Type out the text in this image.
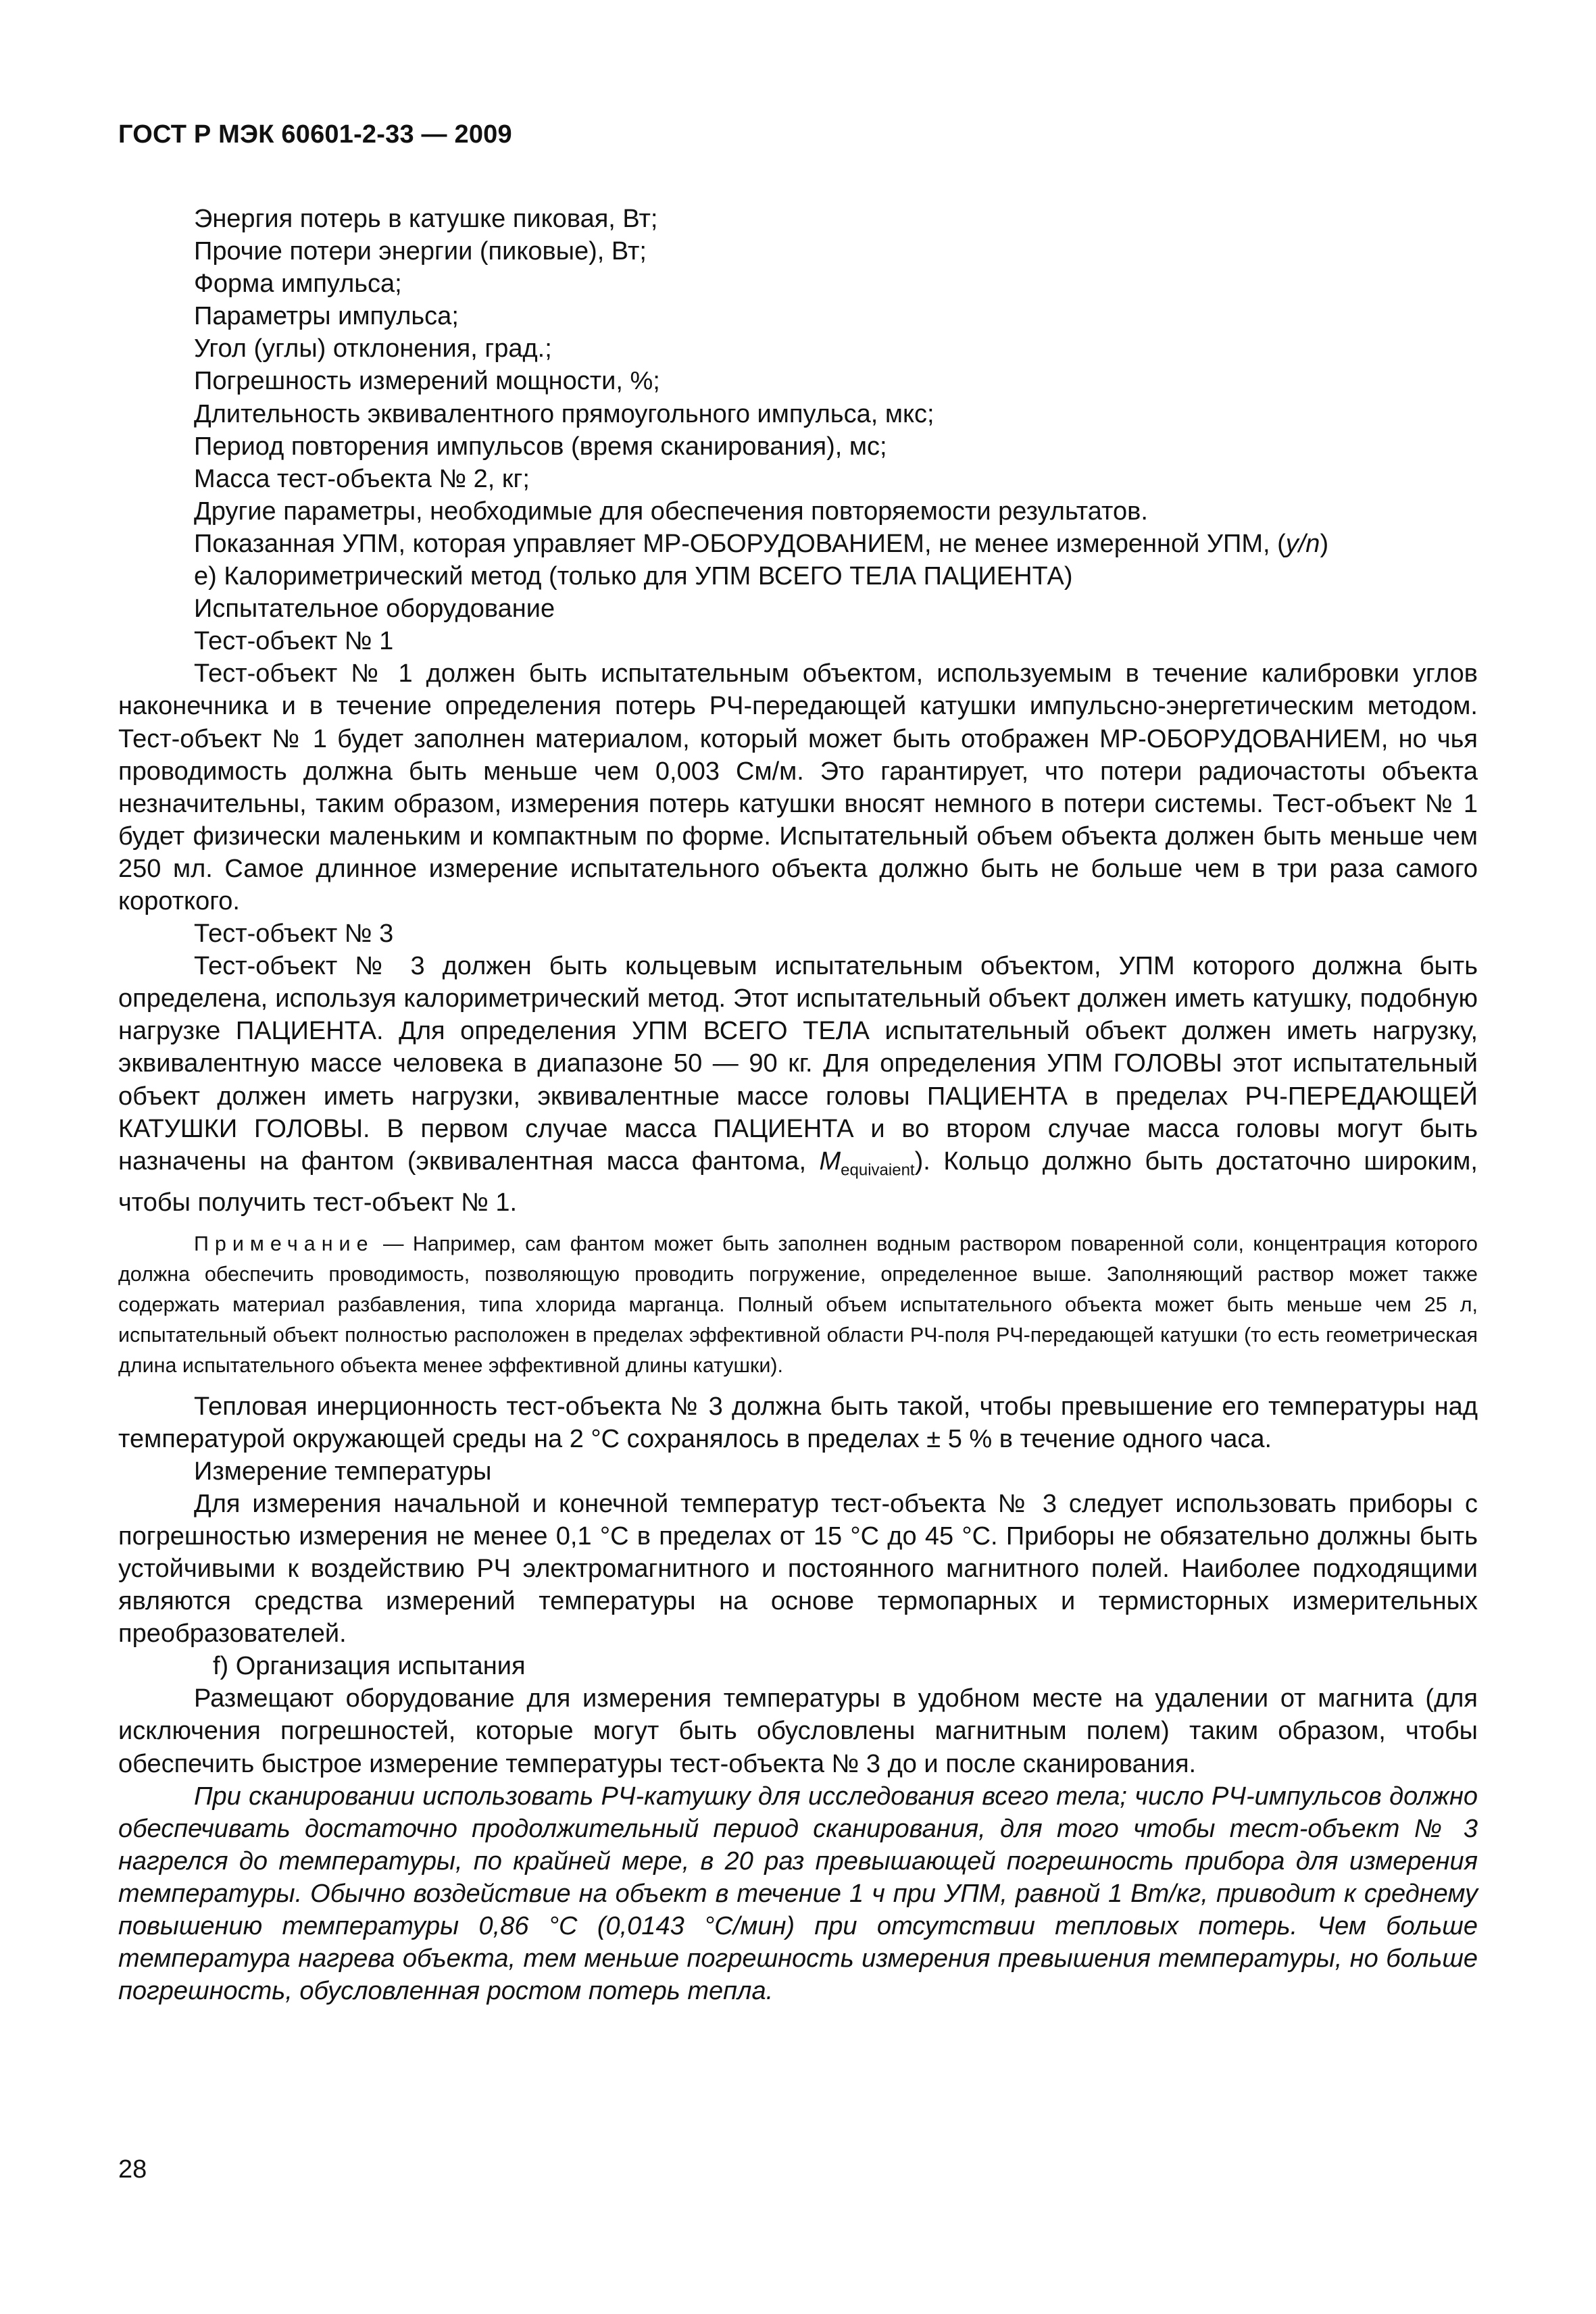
ГОСТ Р МЭК 60601-2-33 — 2009

Энергия потерь в катушке пиковая, Вт;

Прочие потери энергии (пиковые), Вт;

Форма импульса;

Параметры импульса;

Угол (углы) отклонения, град.;

Погрешность измерений мощности, %;

Длительность эквивалентного прямоугольного импульса, мкс;

Период повторения импульсов (время сканирования), мс;

Масса тест-объекта № 2, кг;

Другие параметры, необходимые для обеспечения повторяемости результатов.

Показанная УПМ, которая управляет МР-ОБОРУДОВАНИЕМ, не менее измеренной УПМ, (y/n)

е) Калориметрический метод (только для УПМ ВСЕГО ТЕЛА ПАЦИЕНТА)

Испытательное оборудование

Тест-объект № 1

Тест-объект № 1 должен быть испытательным объектом, используемым в течение калибровки углов наконечника и в течение определения потерь РЧ-передающей катушки импульсно-энергетическим методом. Тест-объект № 1 будет заполнен материалом, который может быть отображен МР-ОБОРУДОВАНИЕМ, но чья проводимость должна быть меньше чем 0,003 См/м. Это гарантирует, что потери радиочастоты объекта незначительны, таким образом, измерения потерь катушки вносят немного в потери системы. Тест-объект № 1 будет физически маленьким и компактным по форме. Испытательный объем объекта должен быть меньше чем 250 мл. Самое длинное измерение испытательного объекта должно быть не больше чем в три раза самого короткого.

Тест-объект № 3

Тест-объект № 3 должен быть кольцевым испытательным объектом, УПМ которого должна быть определена, используя калориметрический метод. Этот испытательный объект должен иметь катушку, подобную нагрузке ПАЦИЕНТА. Для определения УПМ ВСЕГО ТЕЛА испытательный объект должен иметь нагрузку, эквивалентную массе человека в диапазоне 50 — 90 кг. Для определения УПМ ГОЛОВЫ этот испытательный объект должен иметь нагрузки, эквивалентные массе головы ПАЦИЕНТА в пределах РЧ-ПЕРЕДАЮЩЕЙ КАТУШКИ ГОЛОВЫ. В первом случае масса ПАЦИЕНТА и во втором случае масса головы могут быть назначены на фантом (эквивалентная масса фантома, $M_{equivaient}$). Кольцо должно быть достаточно широким, чтобы получить тест-объект № 1.

Примечание — Например, сам фантом может быть заполнен водным раствором поваренной соли, концентрация которого должна обеспечить проводимость, позволяющую проводить погружение, определенное выше. Заполняющий раствор может также содержать материал разбавления, типа хлорида марганца. Полный объем испытательного объекта может быть меньше чем 25 л, испытательный объект полностью расположен в пределах эффективной области РЧ-поля РЧ-передающей катушки (то есть геометрическая длина испытательного объекта менее эффективной длины катушки).

Тепловая инерционность тест-объекта № 3 должна быть такой, чтобы превышение его температуры над температурой окружающей среды на 2 °С сохранялось в пределах ± 5 % в течение одного часа.

Измерение температуры

Для измерения начальной и конечной температур тест-объекта № 3 следует использовать приборы с погрешностью измерения не менее 0,1 °С в пределах от 15 °С до 45 °С. Приборы не обязательно должны быть устойчивыми к воздействию РЧ электромагнитного и постоянного магнитного полей. Наиболее подходящими являются средства измерений температуры на основе термопарных и термисторных измерительных преобразователей.

f) Организация испытания

Размещают оборудование для измерения температуры в удобном месте на удалении от магнита (для исключения погрешностей, которые могут быть обусловлены магнитным полем) таким образом, чтобы обеспечить быстрое измерение температуры тест-объекта № 3 до и после сканирования.

При сканировании использовать РЧ-катушку для исследования всего тела; число РЧ-импульсов должно обеспечивать достаточно продолжительный период сканирования, для того чтобы тест-объект № 3 нагрелся до температуры, по крайней мере, в 20 раз превышающей погрешность прибора для измерения температуры. Обычно воздействие на объект в течение 1 ч при УПМ, равной 1 Вт/кг, приводит к среднему повышению температуры 0,86 °С (0,0143 °С/мин) при отсутствии тепловых потерь. Чем больше температура нагрева объекта, тем меньше погрешность измерения превышения температуры, но больше погрешность, обусловленная ростом потерь тепла.

28
